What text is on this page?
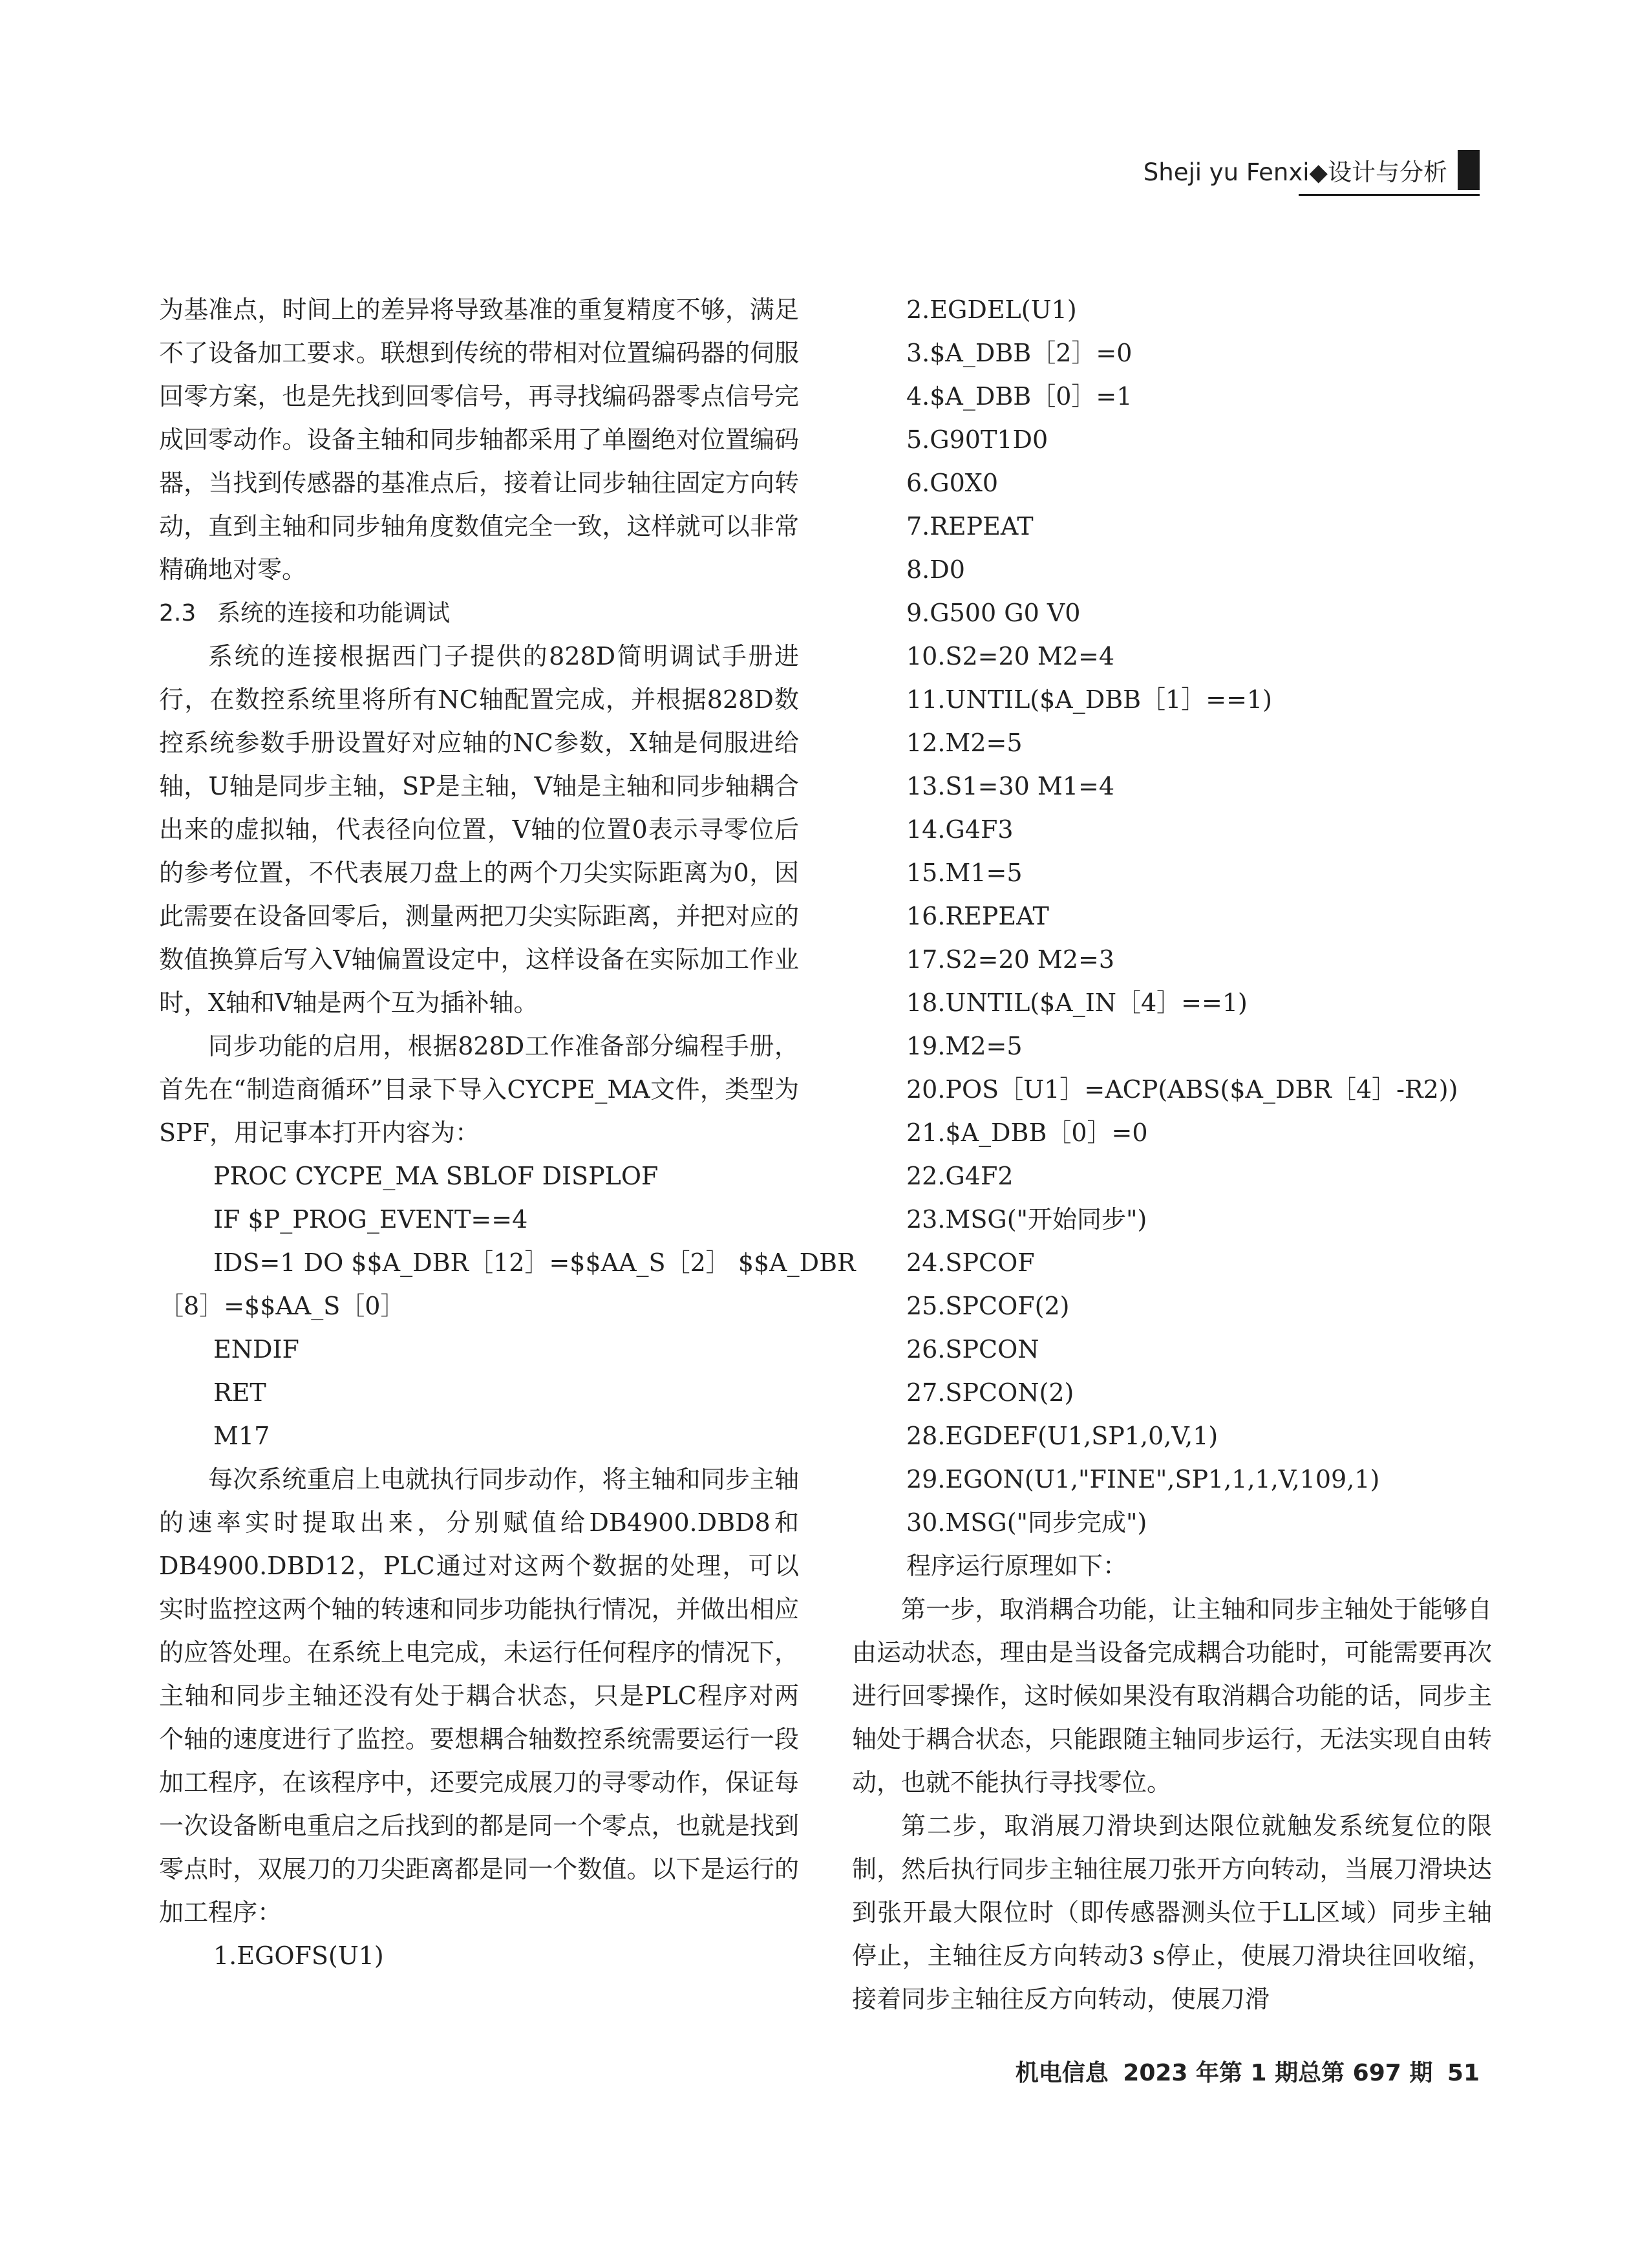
Sheji yu Fenxi◆设计与分析

为基准点，时间上的差异将导致基准的重复精度不够，满足不了设备加工要求。联想到传统的带相对位置编码器的伺服回零方案，也是先找到回零信号，再寻找编码器零点信号完成回零动作。设备主轴和同步轴都采用了单圈绝对位置编码器，当找到传感器的基准点后，接着让同步轴往固定方向转动，直到主轴和同步轴角度数值完全一致，这样就可以非常精确地对零。

2.3 系统的连接和功能调试

系统的连接根据西门子提供的828D简明调试手册进行，在数控系统里将所有NC轴配置完成，并根据828D数控系统参数手册设置好对应轴的NC参数，X轴是伺服进给轴，U轴是同步主轴，SP是主轴，V轴是主轴和同步轴耦合出来的虚拟轴，代表径向位置，V轴的位置0表示寻零位后的参考位置，不代表展刀盘上的两个刀尖实际距离为0，因此需要在设备回零后，测量两把刀尖实际距离，并把对应的数值换算后写入V轴偏置设定中，这样设备在实际加工作业时，X轴和V轴是两个互为插补轴。

同步功能的启用，根据828D工作准备部分编程手册，首先在“制造商循环”目录下导入CYCPE_MA文件，类型为SPF，用记事本打开内容为：

PROC CYCPE_MA SBLOF DISPLOF

IF $P_PROG_EVENT==4

IDS=1 DO $$A_DBR［12］=$$AA_S［2］ $$A_DBR

［8］=$$AA_S［0］

ENDIF

RET

M17

每次系统重启上电就执行同步动作，将主轴和同步主轴的速率实时提取出来，分别赋值给DB4900.DBD8和DB4900.DBD12，PLC通过对这两个数据的处理，可以实时监控这两个轴的转速和同步功能执行情况，并做出相应的应答处理。在系统上电完成，未运行任何程序的情况下，主轴和同步主轴还没有处于耦合状态，只是PLC程序对两个轴的速度进行了监控。要想耦合轴数控系统需要运行一段加工程序，在该程序中，还要完成展刀的寻零动作，保证每一次设备断电重启之后找到的都是同一个零点，也就是找到零点时，双展刀的刀尖距离都是同一个数值。以下是运行的加工程序：

1.EGOFS(U1)

2.EGDEL(U1)

3.$A_DBB［2］=0

4.$A_DBB［0］=1

5.G90T1D0

6.G0X0

7.REPEAT

8.D0

9.G500 G0 V0

10.S2=20 M2=4

11.UNTIL($A_DBB［1］==1)

12.M2=5

13.S1=30 M1=4

14.G4F3

15.M1=5

16.REPEAT

17.S2=20 M2=3

18.UNTIL($A_IN［4］==1)

19.M2=5

20.POS［U1］=ACP(ABS($A_DBR［4］-R2))

21.$A_DBB［0］=0

22.G4F2

23.MSG("开始同步")

24.SPCOF

25.SPCOF(2)

26.SPCON

27.SPCON(2)

28.EGDEF(U1,SP1,0,V,1)

29.EGON(U1,"FINE",SP1,1,1,V,109,1)

30.MSG("同步完成")

程序运行原理如下：

第一步，取消耦合功能，让主轴和同步主轴处于能够自由运动状态，理由是当设备完成耦合功能时，可能需要再次进行回零操作，这时候如果没有取消耦合功能的话，同步主轴处于耦合状态，只能跟随主轴同步运行，无法实现自由转动，也就不能执行寻找零位。

第二步，取消展刀滑块到达限位就触发系统复位的限制，然后执行同步主轴往展刀张开方向转动，当展刀滑块达到张开最大限位时（即传感器测头位于LL区域）同步主轴停止，主轴往反方向转动3 s停止，使展刀滑块往回收缩，接着同步主轴往反方向转动，使展刀滑

机电信息 2023 年第 1 期总第 697 期 51
